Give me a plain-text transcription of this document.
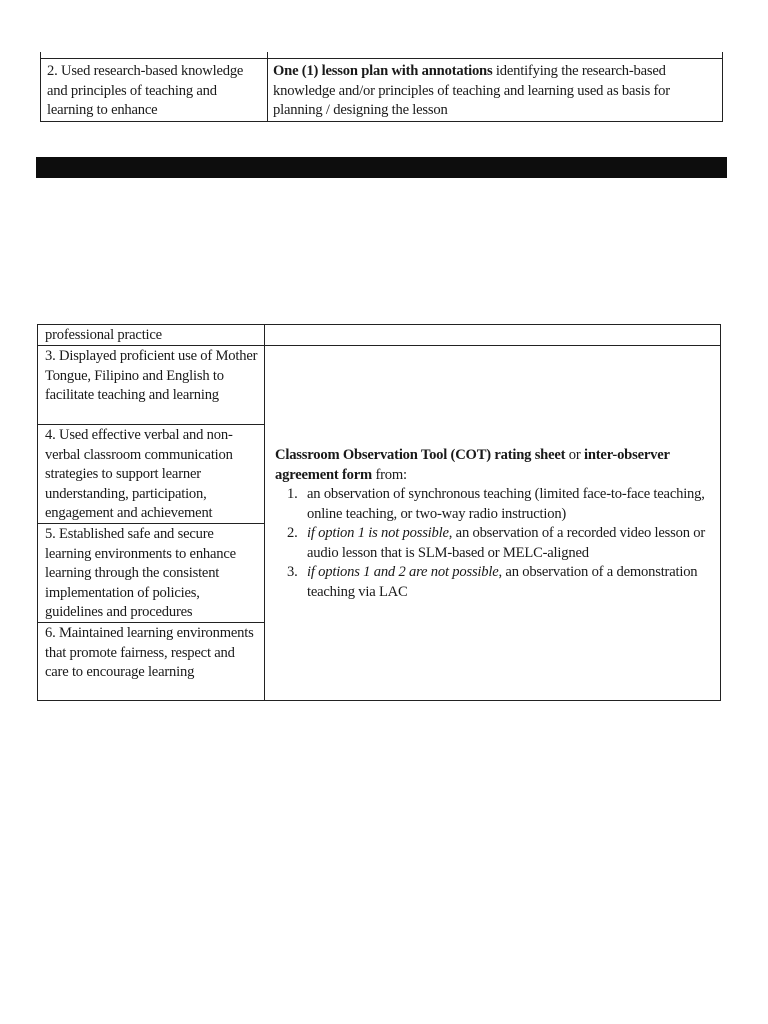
2. Used research-based knowledge and principles of teaching and learning to enhance
One (1) lesson plan with annotations identifying the research-based knowledge and/or principles of teaching and learning used as basis for planning / designing the lesson
professional practice
3. Displayed proficient use of Mother Tongue, Filipino and English to facilitate teaching and learning
4. Used effective verbal and non-verbal classroom communication strategies to support learner understanding, participation, engagement and achievement
5. Established safe and secure learning environments to enhance learning through the consistent implementation of policies, guidelines and procedures
6. Maintained learning environments that promote fairness, respect and care to encourage learning
Classroom Observation Tool (COT) rating sheet or inter-observer agreement form from:
1. an observation of synchronous teaching (limited face-to-face teaching, online teaching, or two-way radio instruction)
2. if option 1 is not possible, an observation of a recorded video lesson or audio lesson that is SLM-based or MELC-aligned
3. if options 1 and 2 are not possible, an observation of a demonstration teaching via LAC
